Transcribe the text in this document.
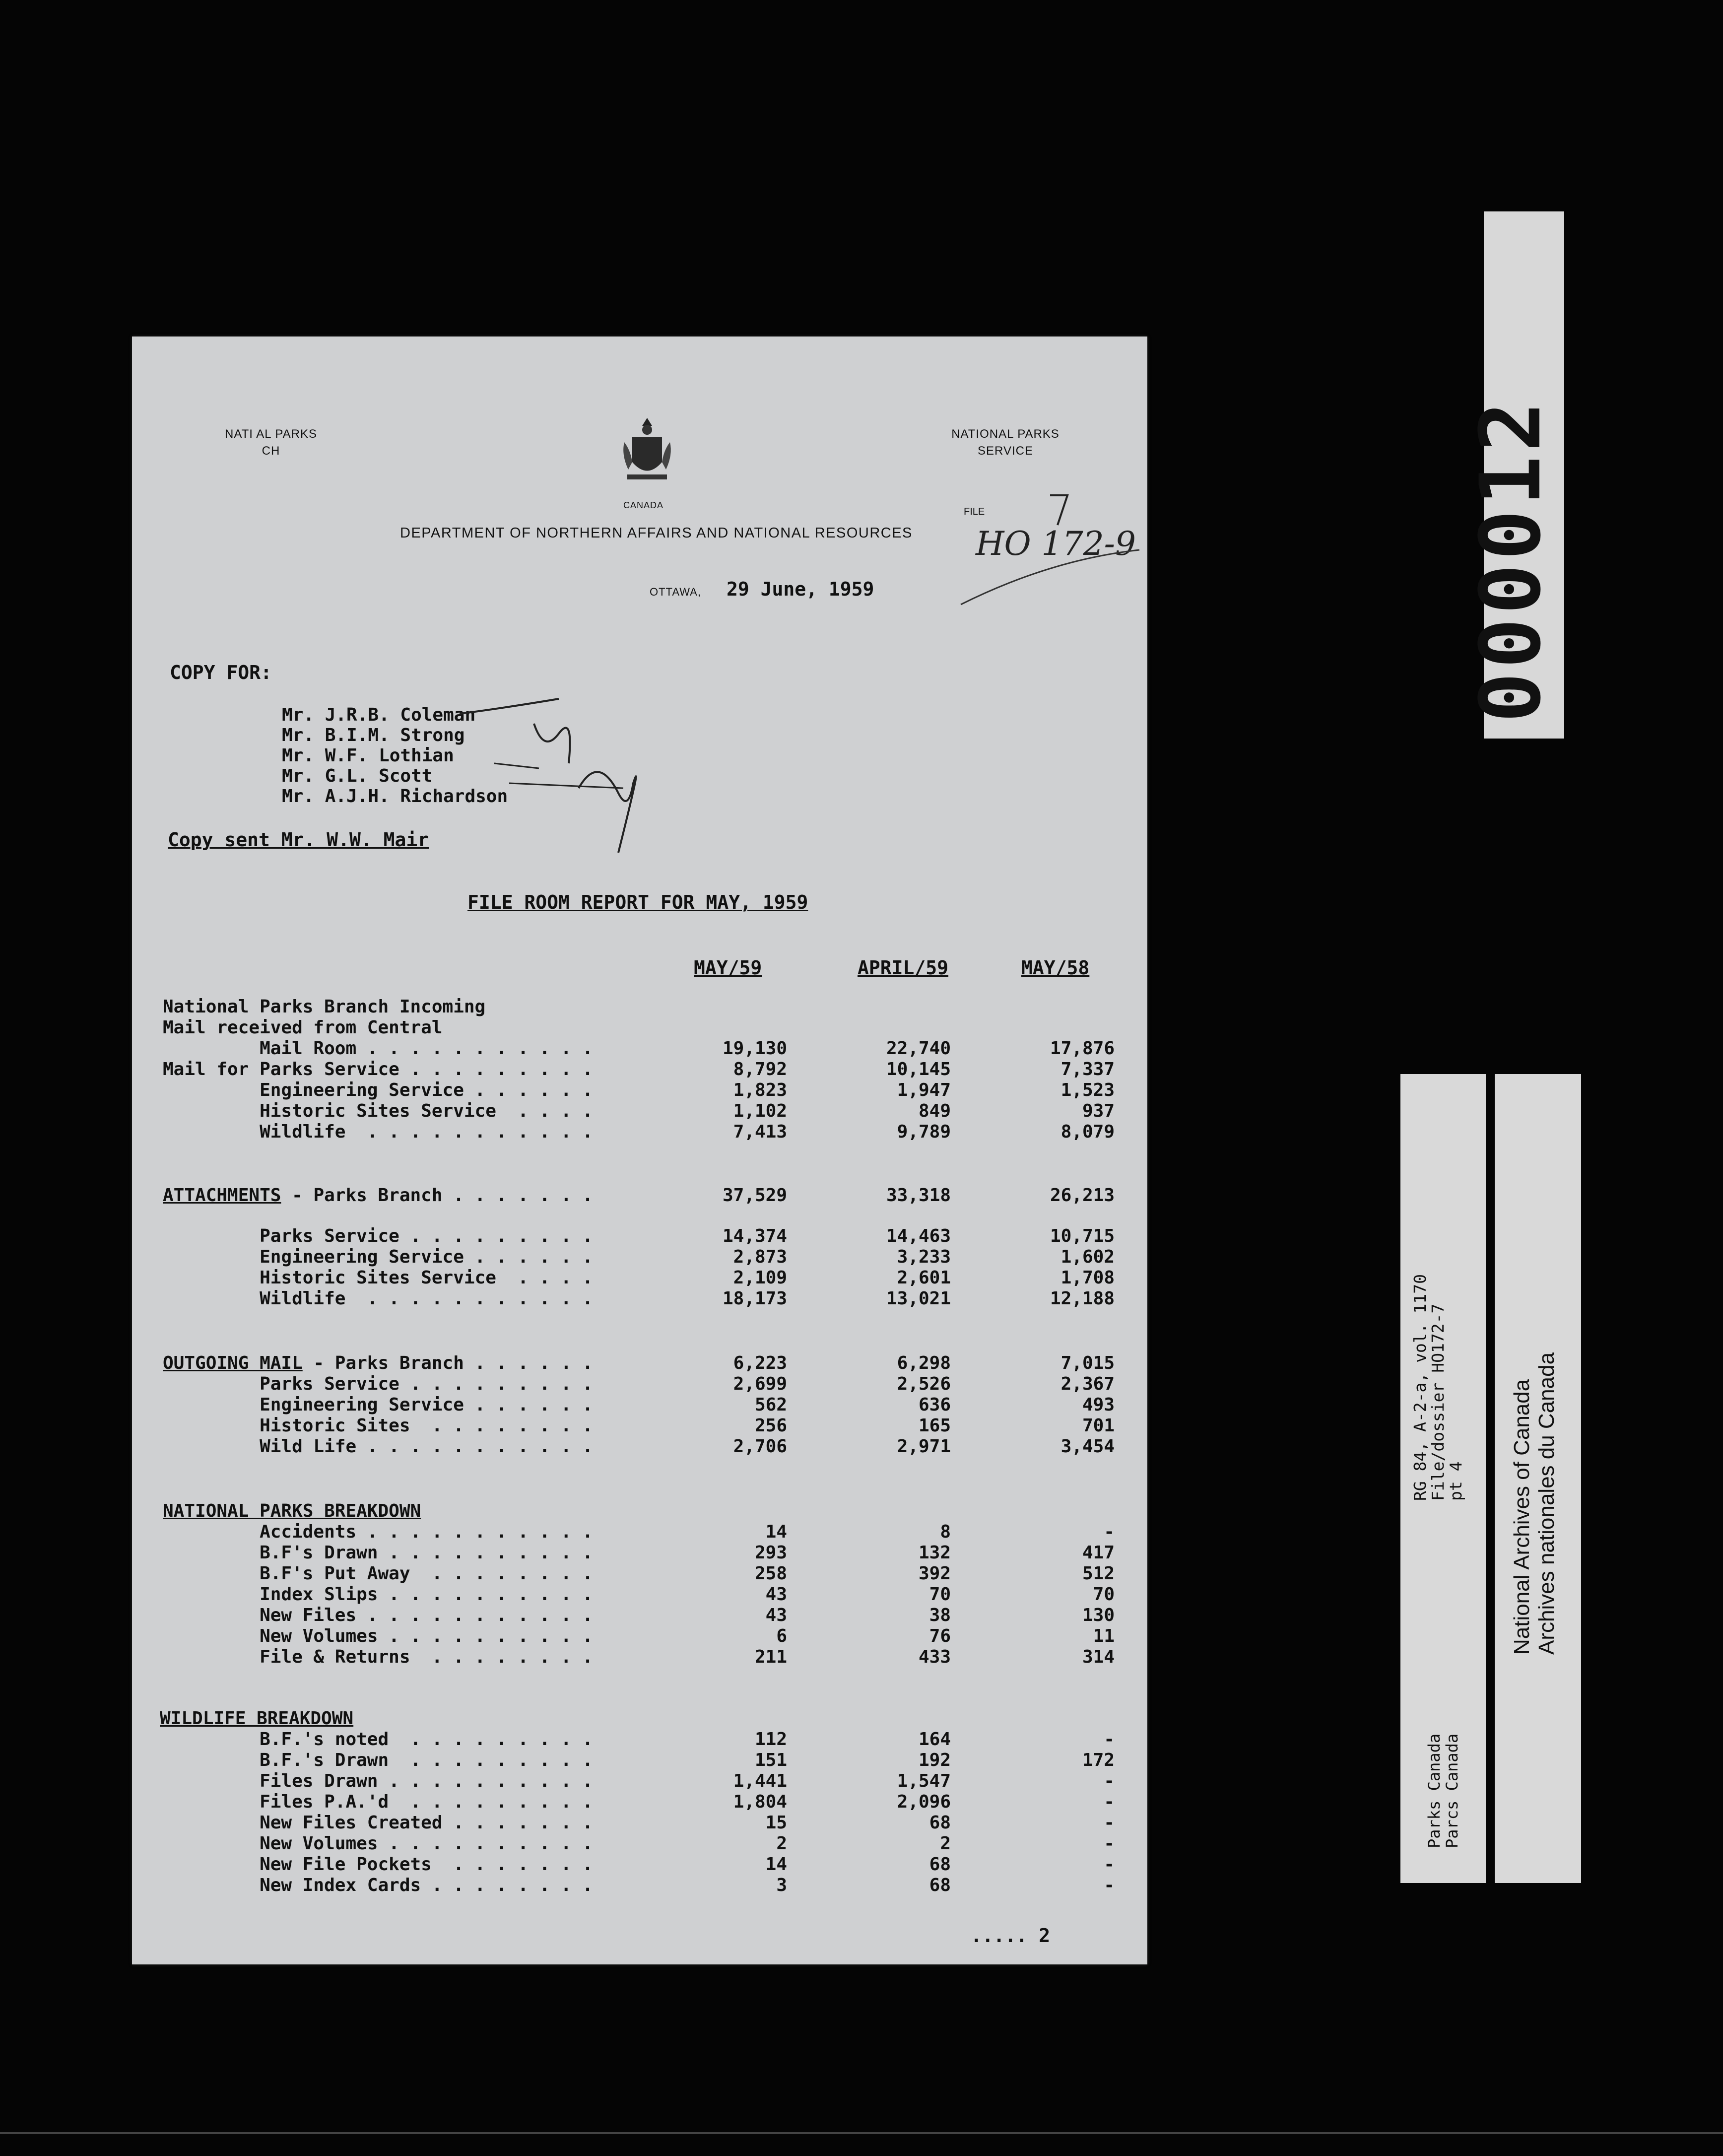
NATI AL PARKS
CH
CANADA
NATIONAL PARKS
SERVICE
FILE
DEPARTMENT OF NORTHERN AFFAIRS AND NATIONAL RESOURCES HO 172-9
OTTAWA, 29 June, 1959
COPY FOR:
Mr. J.R.B. Coleman
Mr. B.I.M. Strong
Mr. W.F. Lothian
Mr. G.L. Scott
Mr. A.J.H. Richardson
Copy sent Mr. W.W. Mair
FILE ROOM REPORT FOR MAY, 1959
MAY/59	APRIL/59	MAY/58
National Parks Branch Incoming
Mail received from Central
Mail Room . . . . . . . . . . .	19,130	22,740	17,876
Mail for Parks Service . . . . . . . . .	8,792	10,145	7,337
Engineering Service . . . . . .	1,823	1,947	1,523
Historic Sites Service  . . . .	1,102	849	937
Wildlife  . . . . . . . . . . .	7,413	9,789	8,079
ATTACHMENTS - Parks Branch . . . . . . .	37,529	33,318	26,213
Parks Service . . . . . . . . .	14,374	14,463	10,715
Engineering Service . . . . . .	2,873	3,233	1,602
Historic Sites Service  . . . .	2,109	2,601	1,708
Wildlife  . . . . . . . . . . .	18,173	13,021	12,188
OUTGOING MAIL - Parks Branch . . . . . .	6,223	6,298	7,015
Parks Service . . . . . . . . .	2,699	2,526	2,367
Engineering Service . . . . . .	562	636	493
Historic Sites  . . . . . . . .	256	165	701
Wild Life . . . . . . . . . . .	2,706	2,971	3,454
NATIONAL PARKS BREAKDOWN
Accidents . . . . . . . . . . .	14	8	-
B.F's Drawn . . . . . . . . . .	293	132	417
B.F's Put Away  . . . . . . . .	258	392	512
Index Slips . . . . . . . . . .	43	70	70
New Files . . . . . . . . . . .	43	38	130
New Volumes . . . . . . . . . .	6	76	11
File & Returns  . . . . . . . .	211	433	314
WILDLIFE BREAKDOWN
B.F.'s noted  . . . . . . . . .	112	164	-
B.F.'s Drawn  . . . . . . . . .	151	192	172
Files Drawn . . . . . . . . . .	1,441	1,547	-
Files P.A.'d  . . . . . . . . .	1,804	2,096	-
New Files Created . . . . . . .	15	68	-
New Volumes . . . . . . . . . .	2	2	-
New File Pockets  . . . . . . .	14	68	-
New Index Cards . . . . . . . .	3	68	-
..... 2
000012
RG 84, A-2-a, vol. 1170
File/dossier HO172-7
pt 4
Parks Canada
Parcs Canada
National Archives of Canada Archives nationales du Canada
